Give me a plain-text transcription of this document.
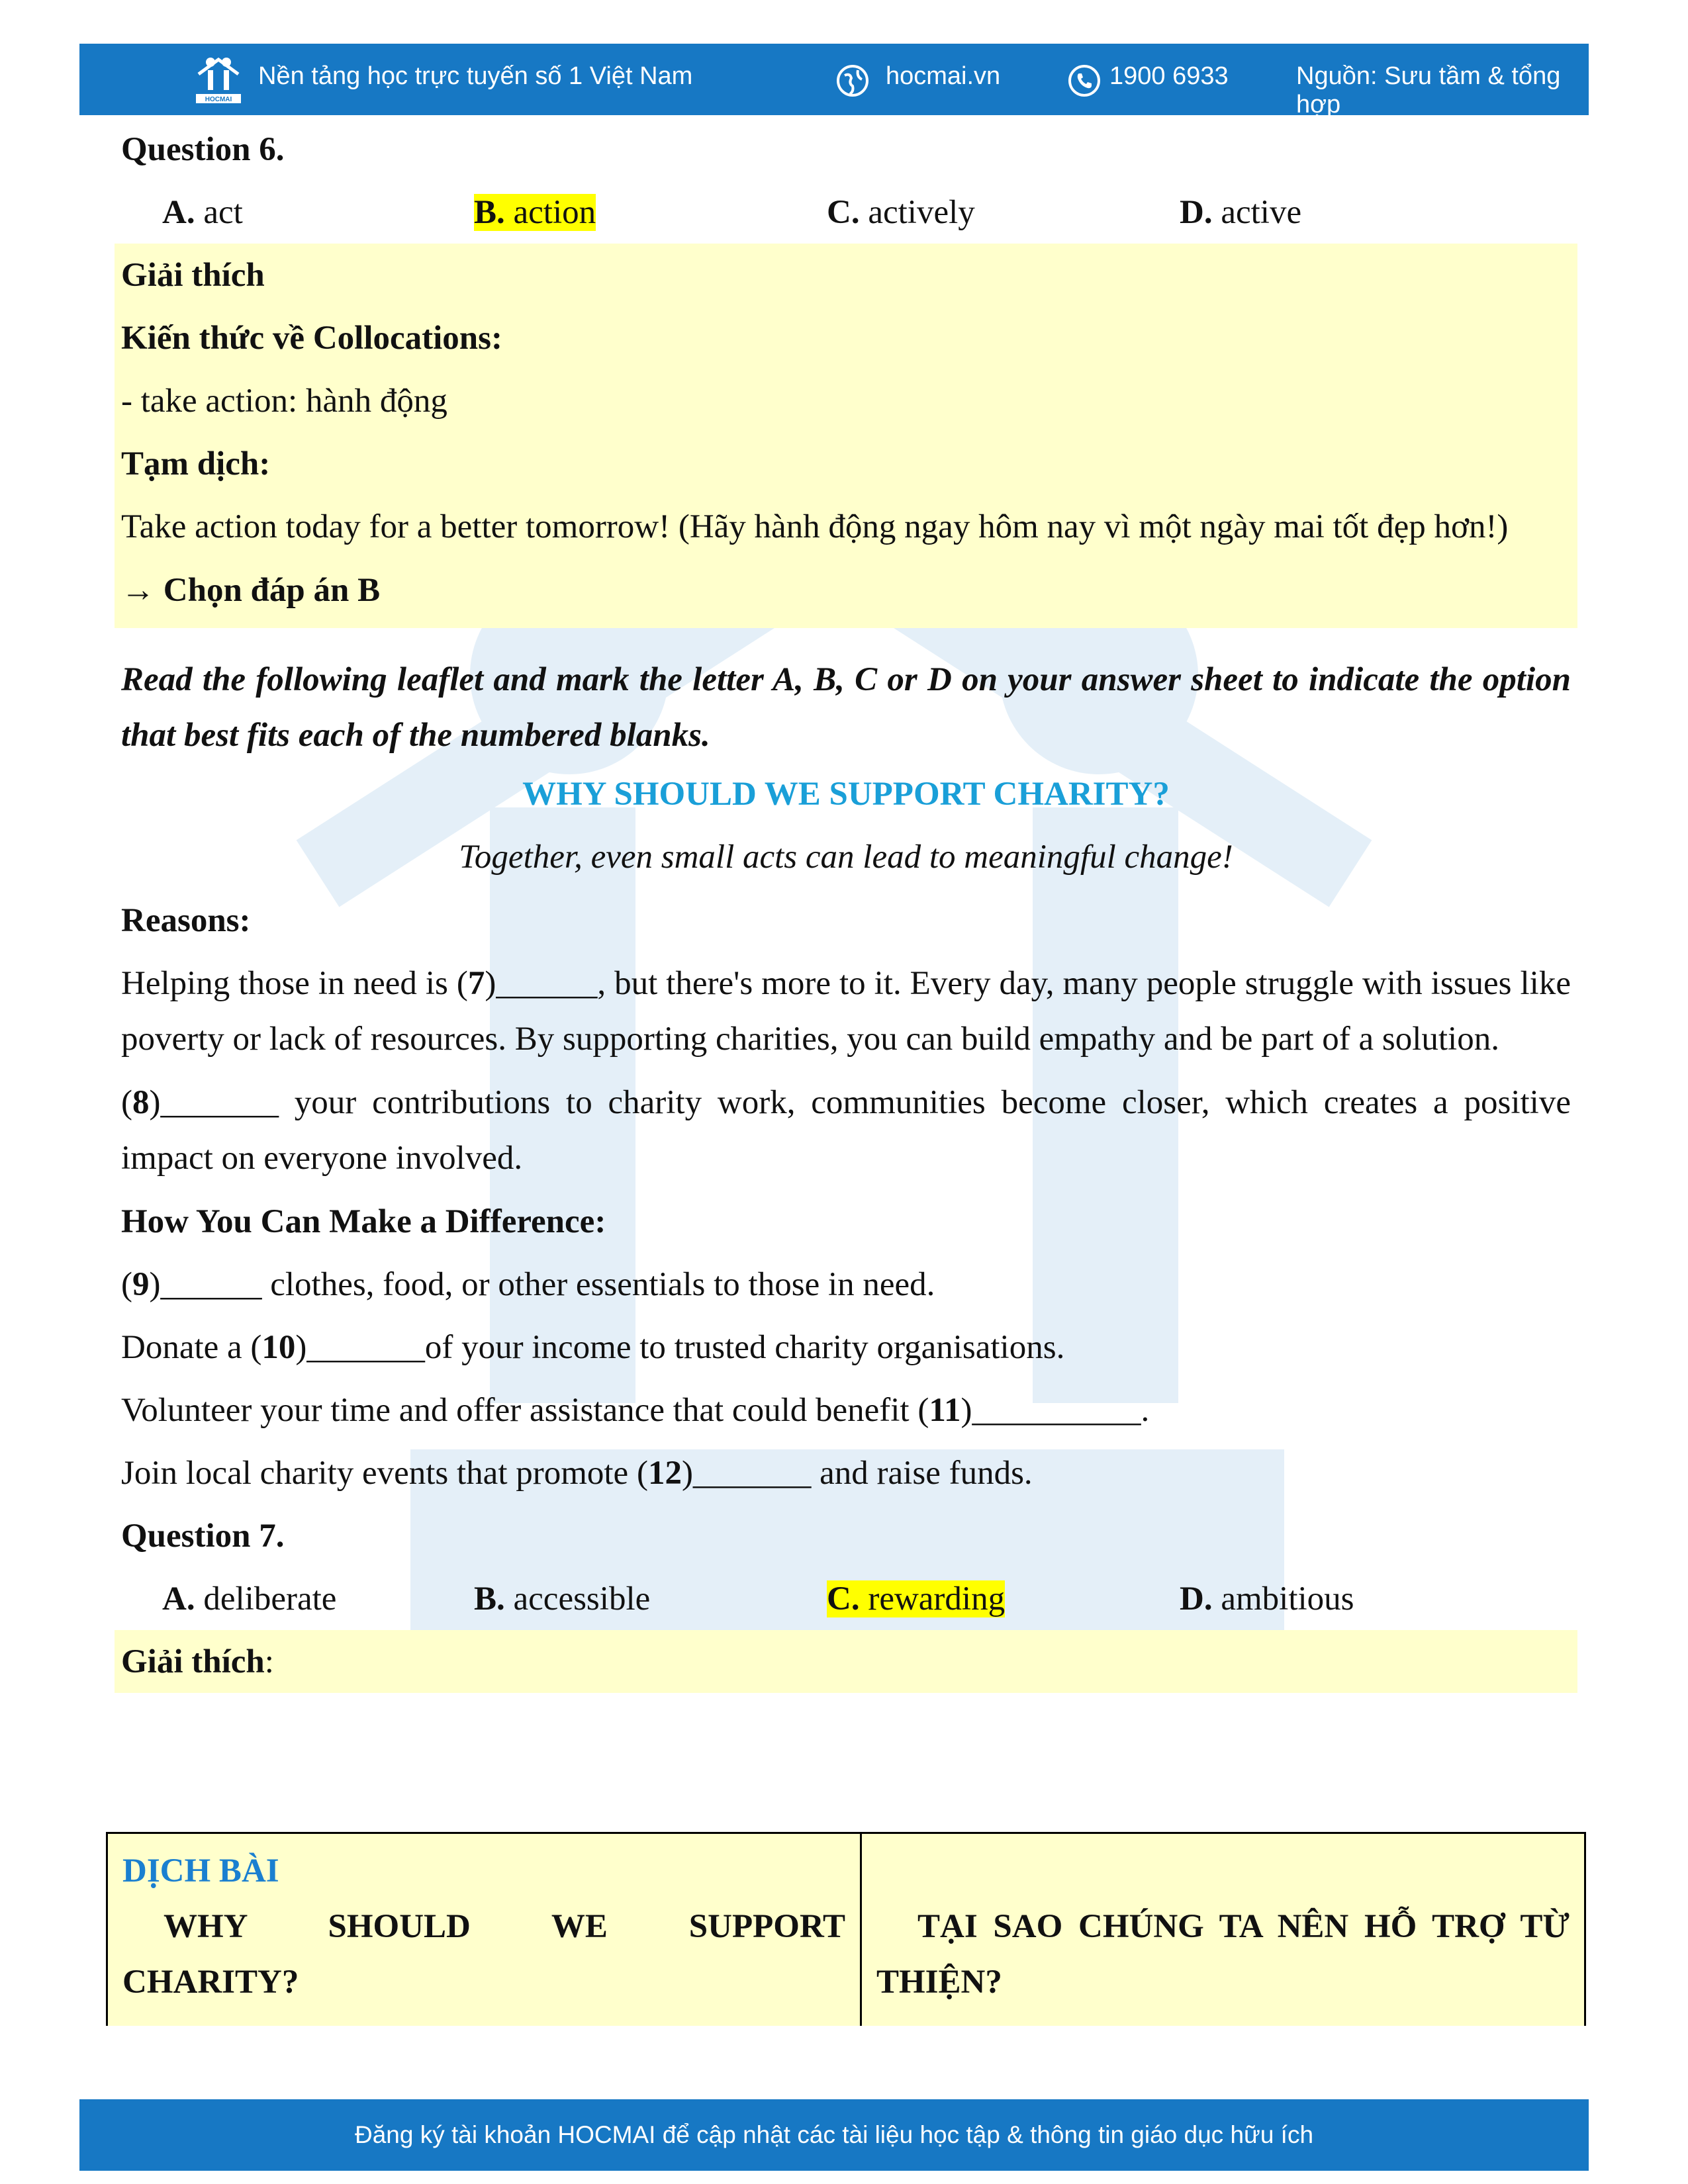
HOCMAI
Nền tảng học trực tuyến số 1 Việt Nam	hocmai.vn	1900 6933	Nguồn: Sưu tầm & tổng hợp
Question 6.
A. act	B. action	C. actively	D. active
Giải thích
Kiến thức về Collocations:
- take action: hành động
Tạm dịch:
Take action today for a better tomorrow! (Hãy hành động ngay hôm nay vì một ngày mai tốt đẹp hơn!)
→ Chọn đáp án B
Read the following leaflet and mark the letter A, B, C or D on your answer sheet to indicate the option that best fits each of the numbered blanks.
WHY SHOULD WE SUPPORT CHARITY?
Together, even small acts can lead to meaningful change!
Reasons:
Helping those in need is (7)______, but there's more to it. Every day, many people struggle with issues like poverty or lack of resources. By supporting charities, you can build empathy and be part of a solution.
(8)_______ your contributions to charity work, communities become closer, which creates a positive impact on everyone involved.
How You Can Make a Difference:
( 9 )______ clothes, food, or other essentials to those in need.
Donate a ( 10 )_______of your income to trusted charity organisations.
Volunteer your time and offer assistance that could benefit ( 11 )__________.
Join local charity events that promote ( 12 )_______ and raise funds.
Question 7.
A. deliberate	B. accessible	C. rewarding	D. ambitious
Giải thích :
DỊCH BÀI
WHY SHOULD WE SUPPORT CHARITY?
TẠI SAO CHÚNG TA NÊN HỖ TRỢ TỪ THIỆN?
Đăng ký tài khoản HOCMAI để cập nhật các tài liệu học tập & thông tin giáo dục hữu ích
